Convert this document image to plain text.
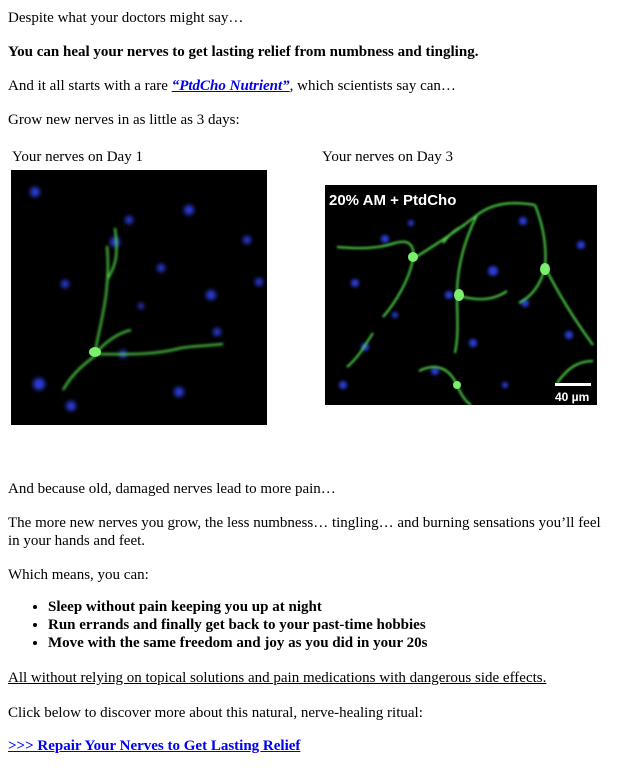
Despite what your doctors might say…

You can heal your nerves to get lasting relief from numbness and tingling.

And it all starts with a rare “PtdCho Nutrient”, which scientists say can…

Grow new nerves in as little as 3 days:

Your nerves on Day 1	Your nerves on Day 3

20% AM + PtdCho
40 µm

And because old, damaged nerves lead to more pain…

The more new nerves you grow, the less numbness… tingling… and burning sensations you’ll feel in your hands and feet.

Which means, you can:

• Sleep without pain keeping you up at night
• Run errands and finally get back to your past-time hobbies
• Move with the same freedom and joy as you did in your 20s

All without relying on topical solutions and pain medications with dangerous side effects.

Click below to discover more about this natural, nerve-healing ritual:

>>> Repair Your Nerves to Get Lasting Relief
